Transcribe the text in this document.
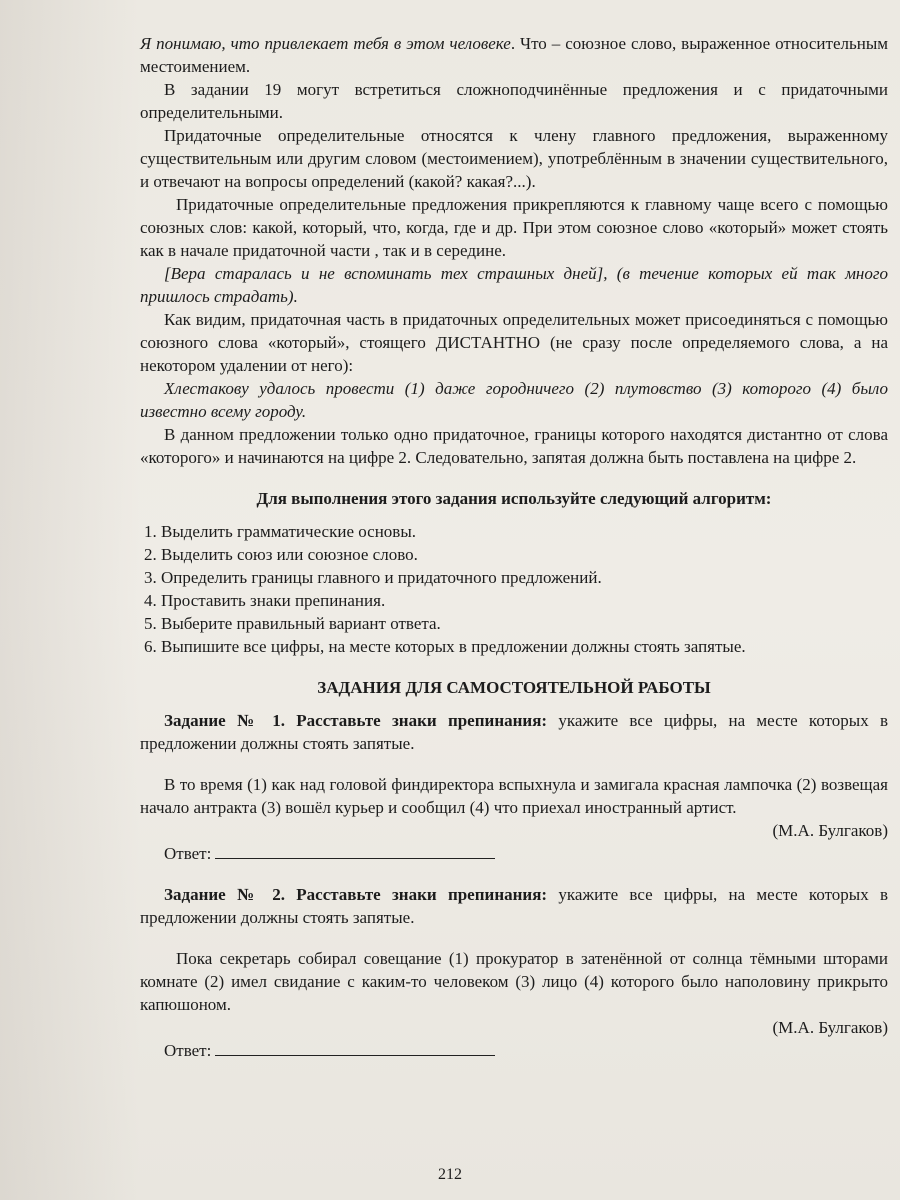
Я понимаю, что привлекает тебя в этом человеке. Что – союзное слово, выраженное относительным местоимением.

В задании 19 могут встретиться сложноподчинённые предложения и с придаточными определительными.

Придаточные определительные относятся к члену главного предложения, выраженному существительным или другим словом (местоимением), употреблённым в значении существительного, и отвечают на вопросы определений (какой? какая?...).

Придаточные определительные предложения прикрепляются к главному чаще всего с помощью союзных слов: какой, который, что, когда, где и др. При этом союзное слово «который» может стоять как в начале придаточной части , так и в середине.

[Вера старалась и не вспоминать тех страшных дней], (в течение которых ей так много пришлось страдать).

Как видим, придаточная часть в придаточных определительных может присоединяться с помощью союзного слова «который», стоящего ДИСТАНТНО (не сразу после определяемого слова, а на некотором удалении от него):

Хлестакову удалось провести (1) даже городничего (2) плутовство (3) которого (4) было известно всему городу.

В данном предложении только одно придаточное, границы которого находятся дистантно от слова «которого» и начинаются на цифре 2. Следовательно, запятая должна быть поставлена на цифре 2.

Для выполнения этого задания используйте следующий алгоритм:

1. Выделить грамматические основы.
2. Выделить союз или союзное слово.
3. Определить границы главного и придаточного предложений.
4. Проставить знаки препинания.
5. Выберите правильный вариант ответа.
6. Выпишите все цифры, на месте которых в предложении должны стоять запятые.

ЗАДАНИЯ ДЛЯ САМОСТОЯТЕЛЬНОЙ РАБОТЫ

Задание № 1. Расставьте знаки препинания: укажите все цифры, на месте которых в предложении должны стоять запятые.

В то время (1) как над головой финдиректора вспыхнула и замигала красная лампочка (2) возвещая начало антракта (3) вошёл курьер и сообщил (4) что приехал иностранный артист.

(М.А. Булгаков)

Ответ:

Задание № 2. Расставьте знаки препинания: укажите все цифры, на месте которых в предложении должны стоять запятые.

Пока секретарь собирал совещание (1) прокуратор в затенённой от солнца тёмными шторами комнате (2) имел свидание с каким-то человеком (3) лицо (4) которого было наполовину прикрыто капюшоном.

(М.А. Булгаков)

Ответ:
212
